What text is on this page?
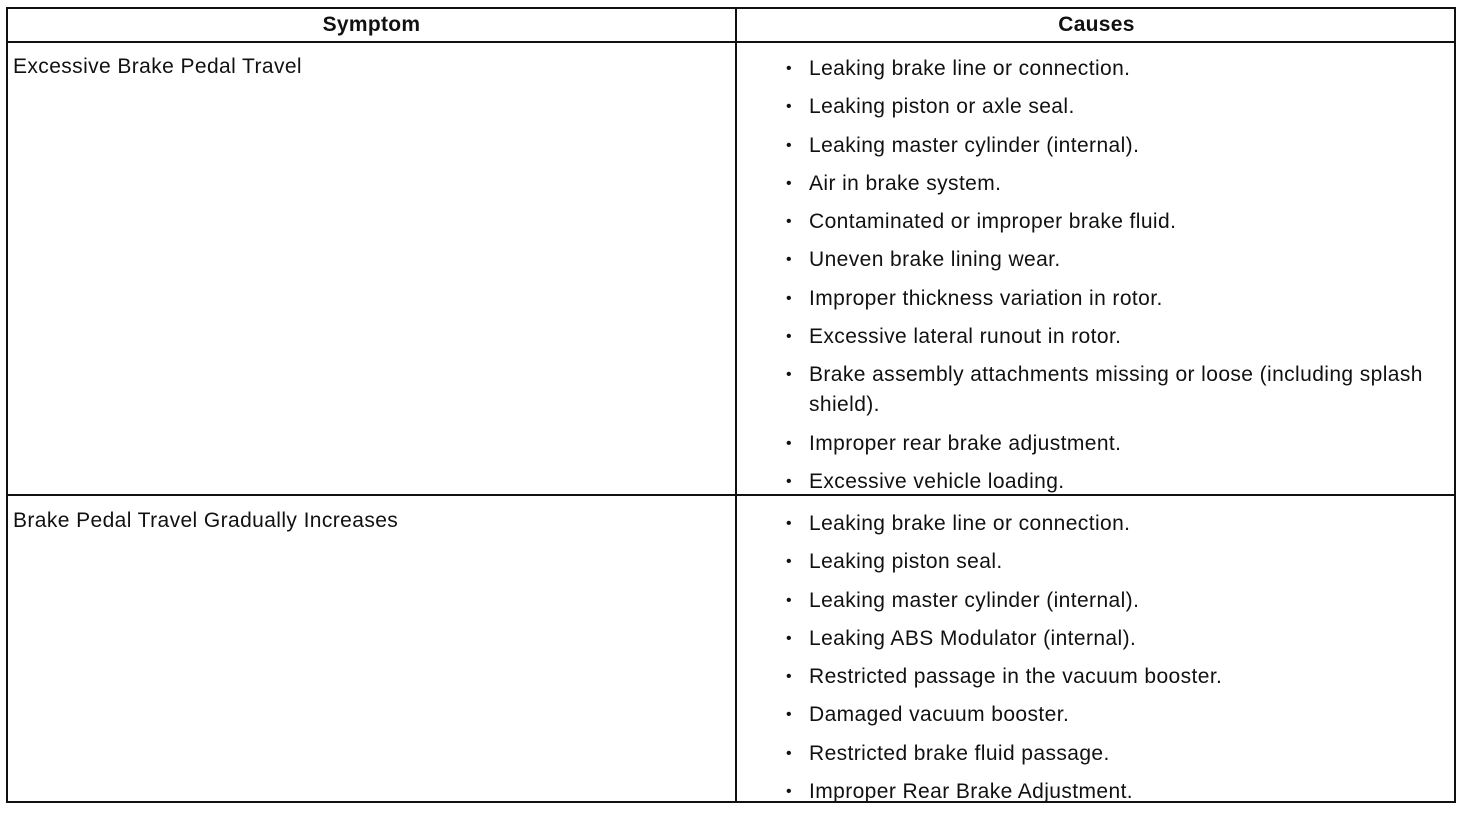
Symptom	Causes
Excessive Brake Pedal Travel	• Leaking brake line or connection.
• Leaking piston or axle seal.
• Leaking master cylinder (internal).
• Air in brake system.
• Contaminated or improper brake fluid.
• Uneven brake lining wear.
• Improper thickness variation in rotor.
• Excessive lateral runout in rotor.
• Brake assembly attachments missing or loose (including splash shield).
• Improper rear brake adjustment.
• Excessive vehicle loading.
Brake Pedal Travel Gradually Increases	• Leaking brake line or connection.
• Leaking piston seal.
• Leaking master cylinder (internal).
• Leaking ABS Modulator (internal).
• Restricted passage in the vacuum booster.
• Damaged vacuum booster.
• Restricted brake fluid passage.
• Improper Rear Brake Adjustment.
